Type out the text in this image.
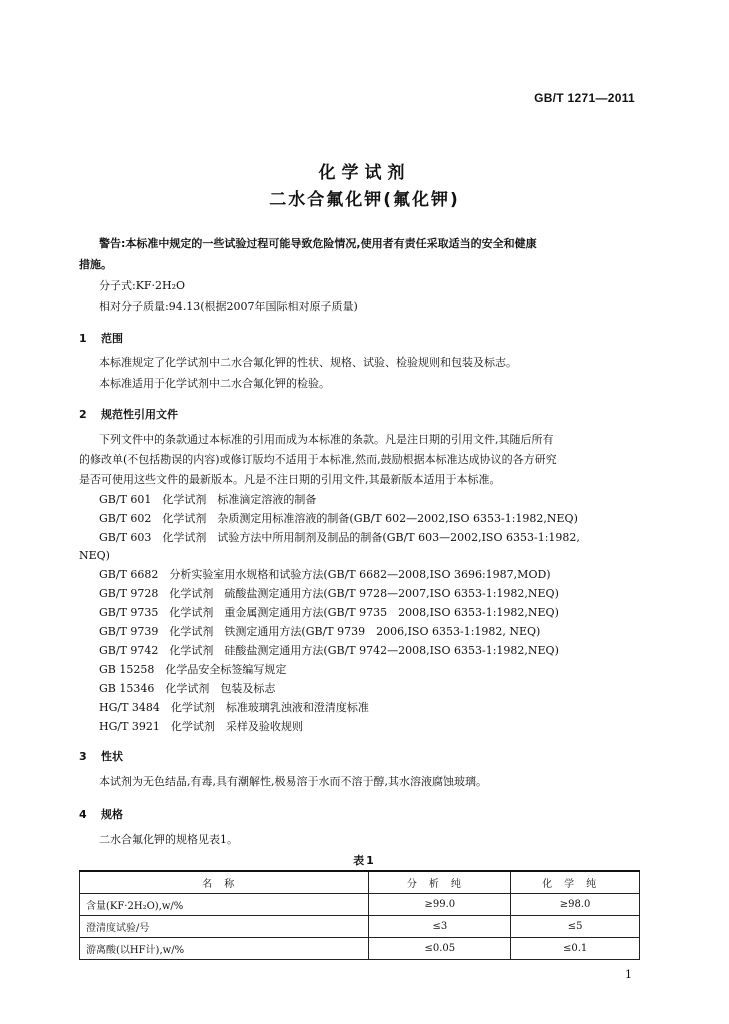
GB/T 1271—2011
化学试剂
二水合氟化钾(氟化钾)
警告:本标准中规定的一些试验过程可能导致危险情况,使用者有责任采取适当的安全和健康
措施。
分子式:KF·2H₂O
相对分子质量:94.13(根据2007年国际相对原子质量)
1 范围
本标准规定了化学试剂中二水合氟化钾的性状、规格、试验、检验规则和包装及标志。
本标准适用于化学试剂中二水合氟化钾的检验。
2 规范性引用文件
下列文件中的条款通过本标准的引用而成为本标准的条款。凡是注日期的引用文件,其随后所有
的修改单(不包括勘误的内容)或修订版均不适用于本标准,然而,鼓励根据本标准达成协议的各方研究
是否可使用这些文件的最新版本。凡是不注日期的引用文件,其最新版本适用于本标准。
GB/T 601　化学试剂　标准滴定溶液的制备
GB/T 602　化学试剂　杂质测定用标准溶液的制备(GB/T 602—2002,ISO 6353-1:1982,NEQ)
GB/T 603　化学试剂　试验方法中所用制剂及制品的制备(GB/T 603—2002,ISO 6353-1:1982,
NEQ)
GB/T 6682　分析实验室用水规格和试验方法(GB/T 6682—2008,ISO 3696:1987,MOD)
GB/T 9728　化学试剂　硫酸盐测定通用方法(GB/T 9728—2007,ISO 6353-1:1982,NEQ)
GB/T 9735　化学试剂　重金属测定通用方法(GB/T 9735　2008,ISO 6353-1:1982,NEQ)
GB/T 9739　化学试剂　铁测定通用方法(GB/T 9739　2006,ISO 6353-1:1982, NEQ)
GB/T 9742　化学试剂　硅酸盐测定通用方法(GB/T 9742—2008,ISO 6353-1:1982,NEQ)
GB 15258　化学品安全标签编写规定
GB 15346　化学试剂　包装及标志
HG/T 3484　化学试剂　标准玻璃乳浊液和澄清度标准
HG/T 3921　化学试剂　采样及验收规则
3 性状
本试剂为无色结晶,有毒,具有潮解性,极易溶于水而不溶于醇,其水溶液腐蚀玻璃。
4 规格
二水合氟化钾的规格见表1。
表1
名称	分析纯	化学纯
含量(KF·2H₂O),w/%	≥99.0	≥98.0
澄清度试验/号	≤3	≤5
游离酸(以HF计),w/%	≤0.05	≤0.1
1
